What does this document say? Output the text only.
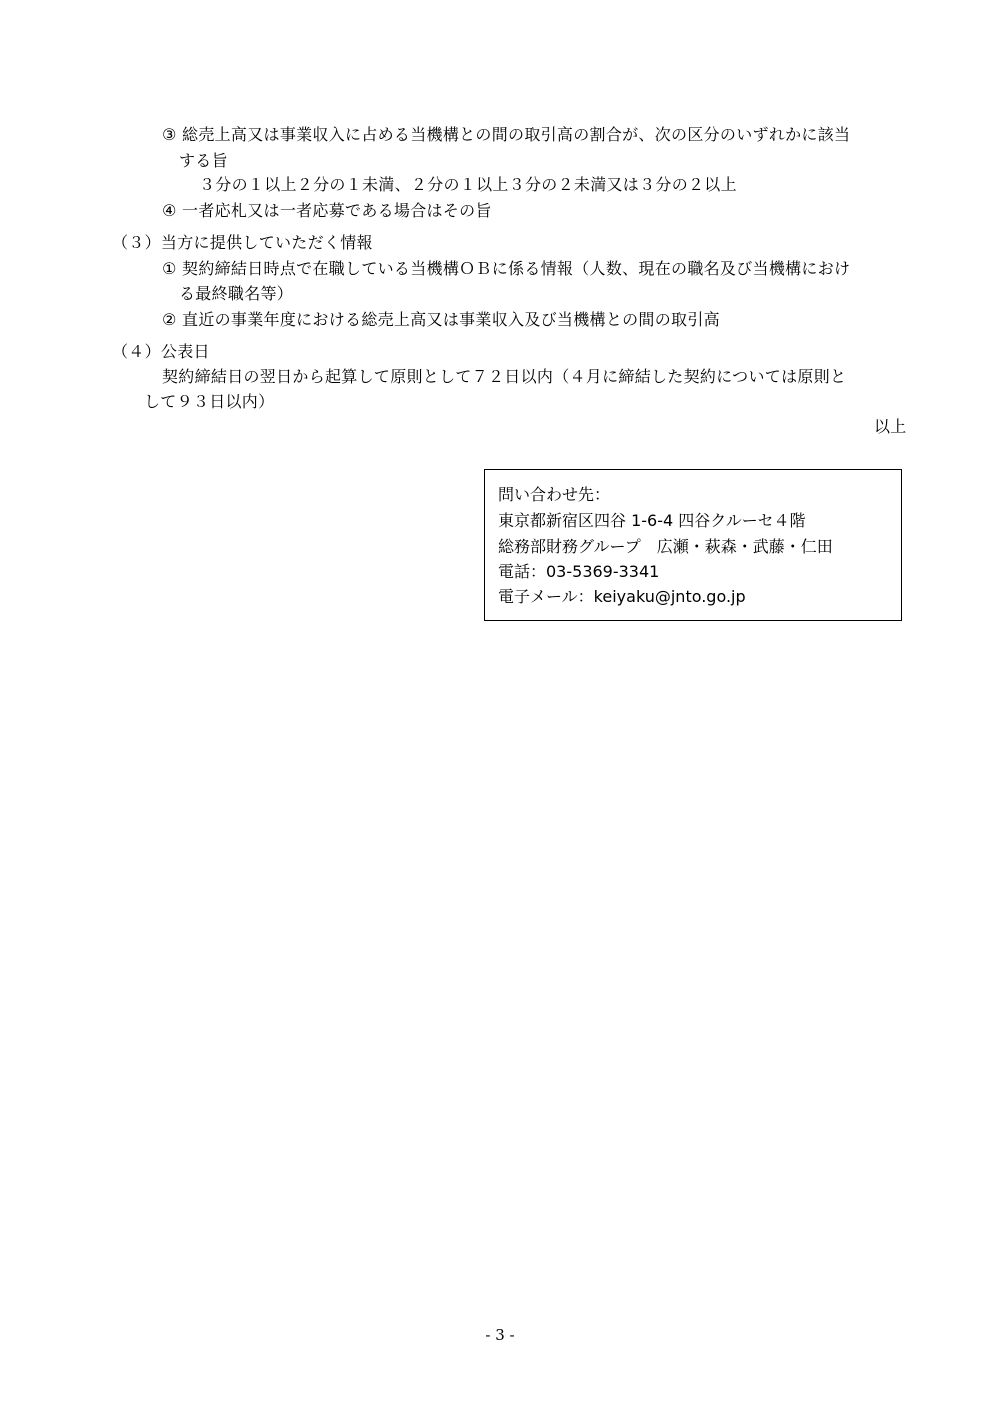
③ 総売上高又は事業収入に占める当機構との間の取引高の割合が、次の区分のいずれかに該当
する旨
３分の１以上２分の１未満、２分の１以上３分の２未満又は３分の２以上
④ 一者応札又は一者応募である場合はその旨
（３）当方に提供していただく情報
① 契約締結日時点で在職している当機構ＯＢに係る情報（人数、現在の職名及び当機構におけ
る最終職名等）
② 直近の事業年度における総売上高又は事業収入及び当機構との間の取引高
（４）公表日
契約締結日の翌日から起算して原則として７２日以内（４月に締結した契約については原則と
して９３日以内）
以上
問い合わせ先：
東京都新宿区四谷 1-6-4 四谷クルーセ４階
総務部財務グループ　広瀬・萩森・武藤・仁田
電話：03-5369-3341
電子メール：keiyaku@jnto.go.jp
- 3 -
